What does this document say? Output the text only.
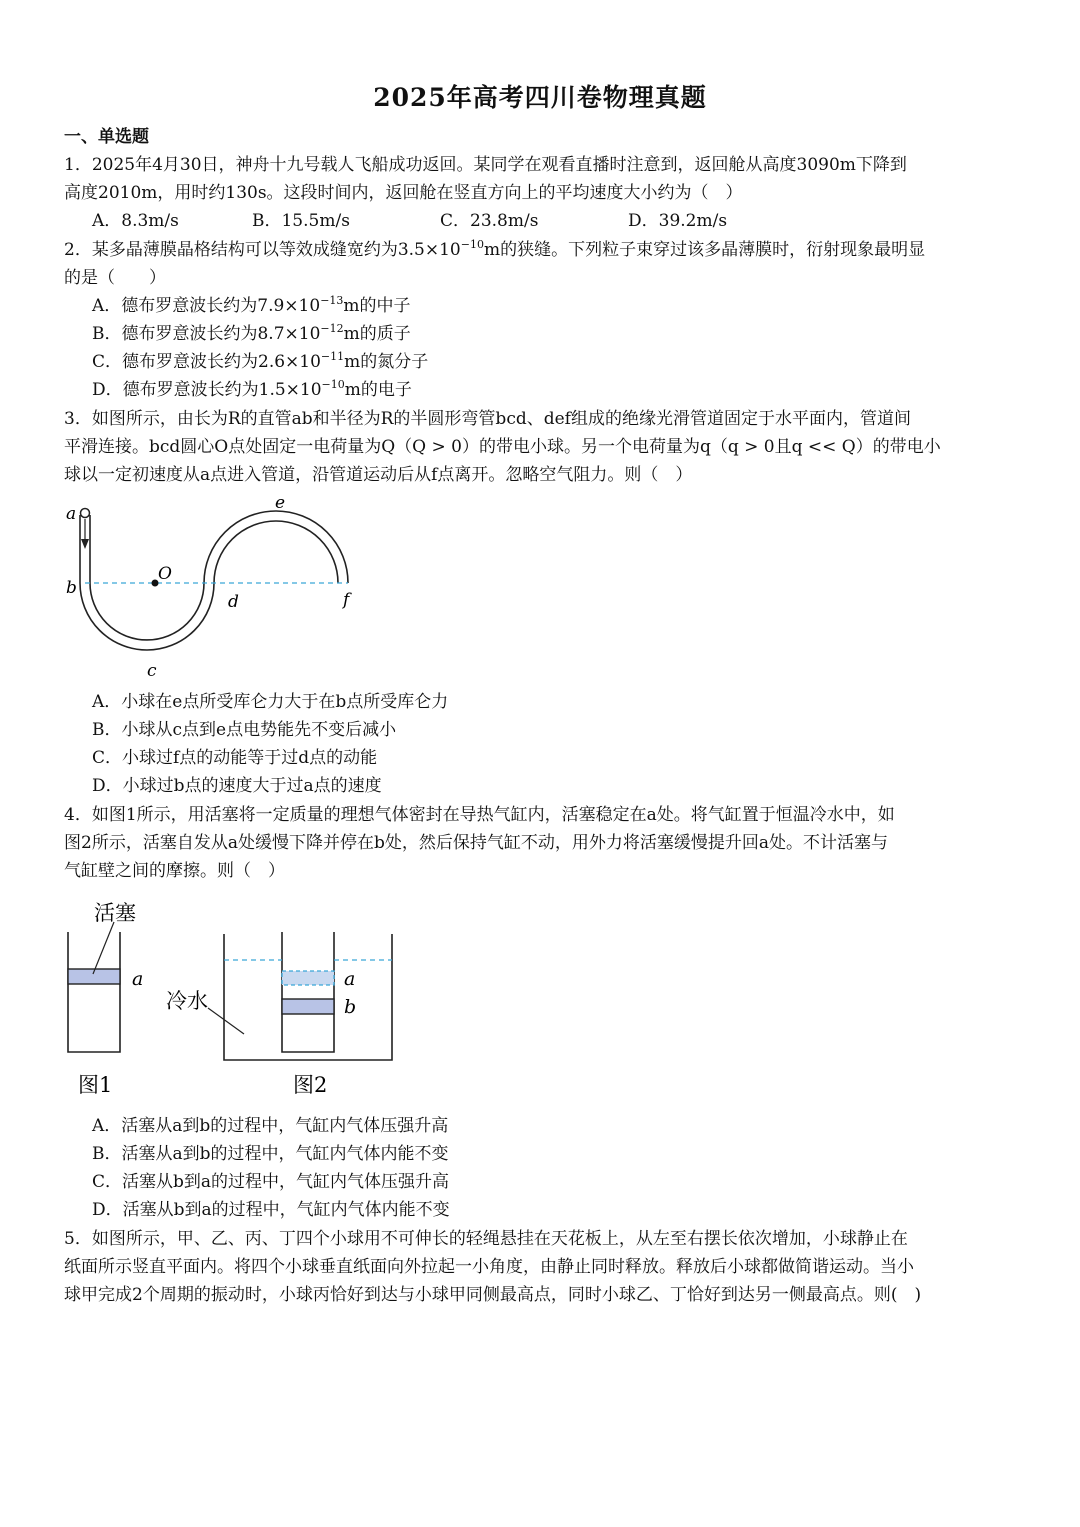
2025年高考四川卷物理真题
一、单选题
1．2025年4月30日，神舟十九号载人飞船成功返回。某同学在观看直播时注意到，返回舱从高度3090m下降到
高度2010m，用时约130s。这段时间内，返回舱在竖直方向上的平均速度大小约为（　）
A．8.3m/s	B．15.5m/s	C．23.8m/s	D．39.2m/s
2．某多晶薄膜晶格结构可以等效成缝宽约为$3.5\times 10^{-10}m$的狭缝。下列粒子束穿过该多晶薄膜时，衍射现象最明显
的是（　　）
A．德布罗意波长约为$7.9\times 10^{-13}m$的中子
B．德布罗意波长约为$8.7\times 10^{-12}m$的质子
C．德布罗意波长约为$2.6\times 10^{-11}m$的氮分子
D．德布罗意波长约为$1.5\times 10^{-10}m$的电子
3．如图所示，由长为R的直管ab和半径为R的半圆形弯管bcd、def组成的绝缘光滑管道固定于水平面内，管道间
平滑连接。bcd圆心O点处固定一电荷量为Q（Q > 0）的带电小球。另一个电荷量为q（q > 0且q << Q）的带电小
球以一定初速度从a点进入管道，沿管道运动后从f点离开。忽略空气阻力。则（　）
a
b
O
d
c
e
f
A．小球在e点所受库仑力大于在b点所受库仑力
B．小球从c点到e点电势能先不变后减小
C．小球过f点的动能等于过d点的动能
D．小球过b点的速度大于过a点的速度
4．如图1所示，用活塞将一定质量的理想气体密封在导热气缸内，活塞稳定在a处。将气缸置于恒温冷水中，如
图2所示，活塞自发从a处缓慢下降并停在b处，然后保持气缸不动，用外力将活塞缓慢提升回a处。不计活塞与
气缸壁之间的摩擦。则（　）
活塞
a
图1
冷水
a
b
图2
A．活塞从a到b的过程中，气缸内气体压强升高
B．活塞从a到b的过程中，气缸内气体内能不变
C．活塞从b到a的过程中，气缸内气体压强升高
D．活塞从b到a的过程中，气缸内气体内能不变
5．如图所示，甲、乙、丙、丁四个小球用不可伸长的轻绳悬挂在天花板上，从左至右摆长依次增加，小球静止在
纸面所示竖直平面内。将四个小球垂直纸面向外拉起一小角度，由静止同时释放。释放后小球都做简谐运动。当小
球甲完成2个周期的振动时，小球丙恰好到达与小球甲同侧最高点，同时小球乙、丁恰好到达另一侧最高点。则(　)
